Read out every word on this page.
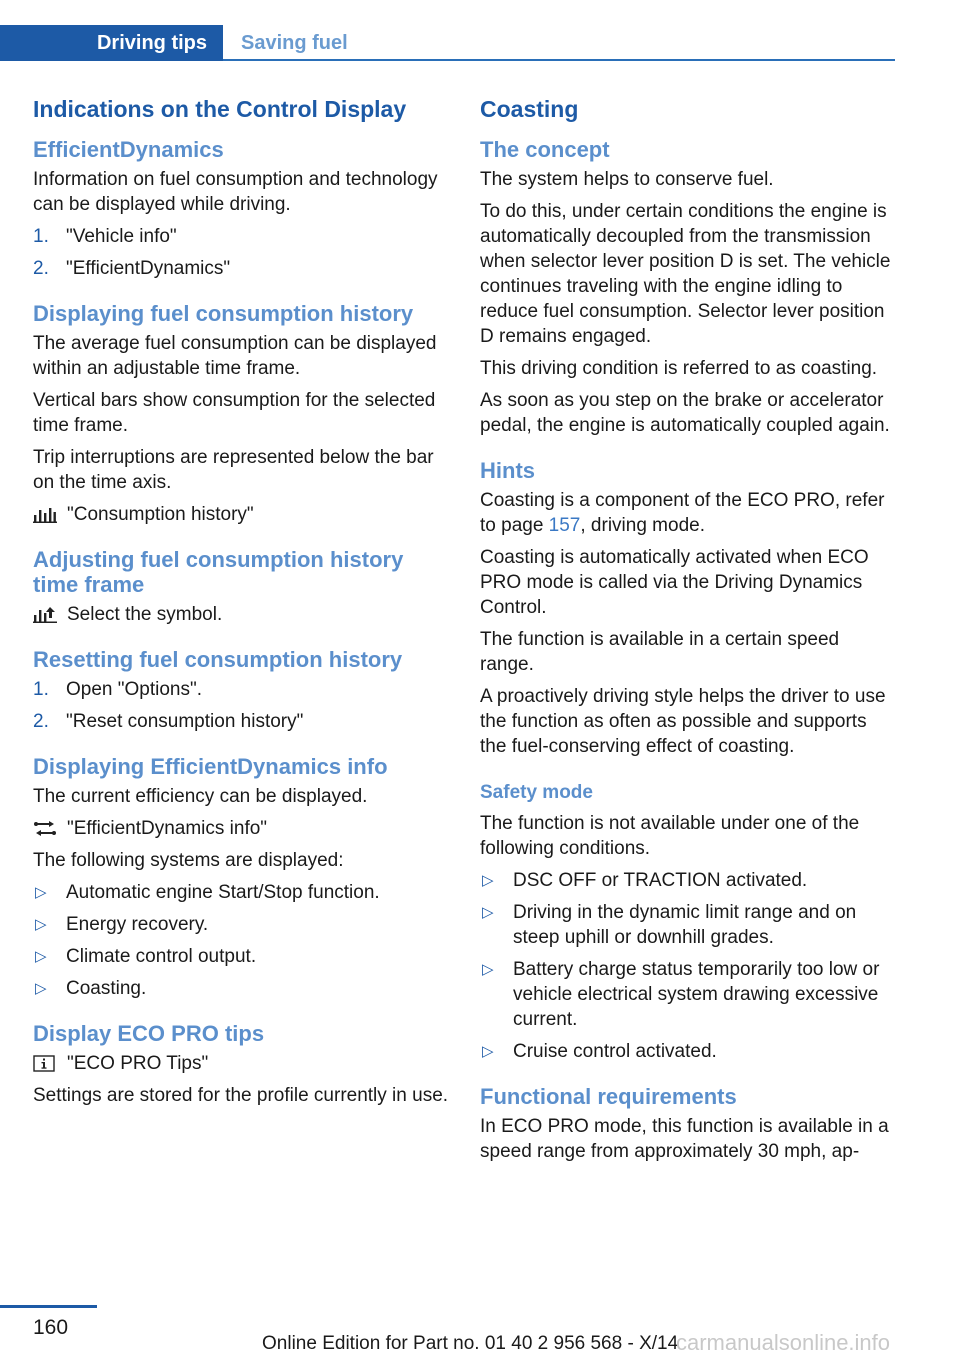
Driving tips	Saving fuel
Indications on the Control Display
EfficientDynamics

Information on fuel consumption and technology can be displayed while driving.

1. "Vehicle info"
2. "EfficientDynamics"
Displaying fuel consumption history

The average fuel consumption can be displayed within an adjustable time frame.

Vertical bars show consumption for the selected time frame.

Trip interruptions are represented below the bar on the time axis.

"Consumption history"
Adjusting fuel consumption history time frame
Select the symbol.
Resetting fuel consumption history
1. Open "Options".
2. "Reset consumption history"
Displaying EfficientDynamics info

The current efficiency can be displayed.

"EfficientDynamics info"

The following systems are displayed:

▷ Automatic engine Start/Stop function.
▷ Energy recovery.
▷ Climate control output.
▷ Coasting.
Display ECO PRO tips
"ECO PRO Tips"

Settings are stored for the profile currently in use.

Coasting
The concept

The system helps to conserve fuel.

To do this, under certain conditions the engine is automatically decoupled from the transmission when selector lever position D is set. The vehicle continues traveling with the engine idling to reduce fuel consumption. Selector lever position D remains engaged.

This driving condition is referred to as coasting.

As soon as you step on the brake or accelerator pedal, the engine is automatically coupled again.

Hints

Coasting is a component of the ECO PRO, refer to page 157, driving mode.

Coasting is automatically activated when ECO PRO mode is called via the Driving Dynamics Control.

The function is available in a certain speed range.

A proactively driving style helps the driver to use the function as often as possible and supports the fuel-conserving effect of coasting.

Safety mode

The function is not available under one of the following conditions.

▷ DSC OFF or TRACTION activated.
▷ Driving in the dynamic limit range and on steep uphill or downhill grades.
▷ Battery charge status temporarily too low or vehicle electrical system drawing excessive current.
▷ Cruise control activated.
Functional requirements

In ECO PRO mode, this function is available in a speed range from approximately 30 mph, ap-

160
Online Edition for Part no. 01 40 2 956 568 - X/14
carmanualsonline.info
